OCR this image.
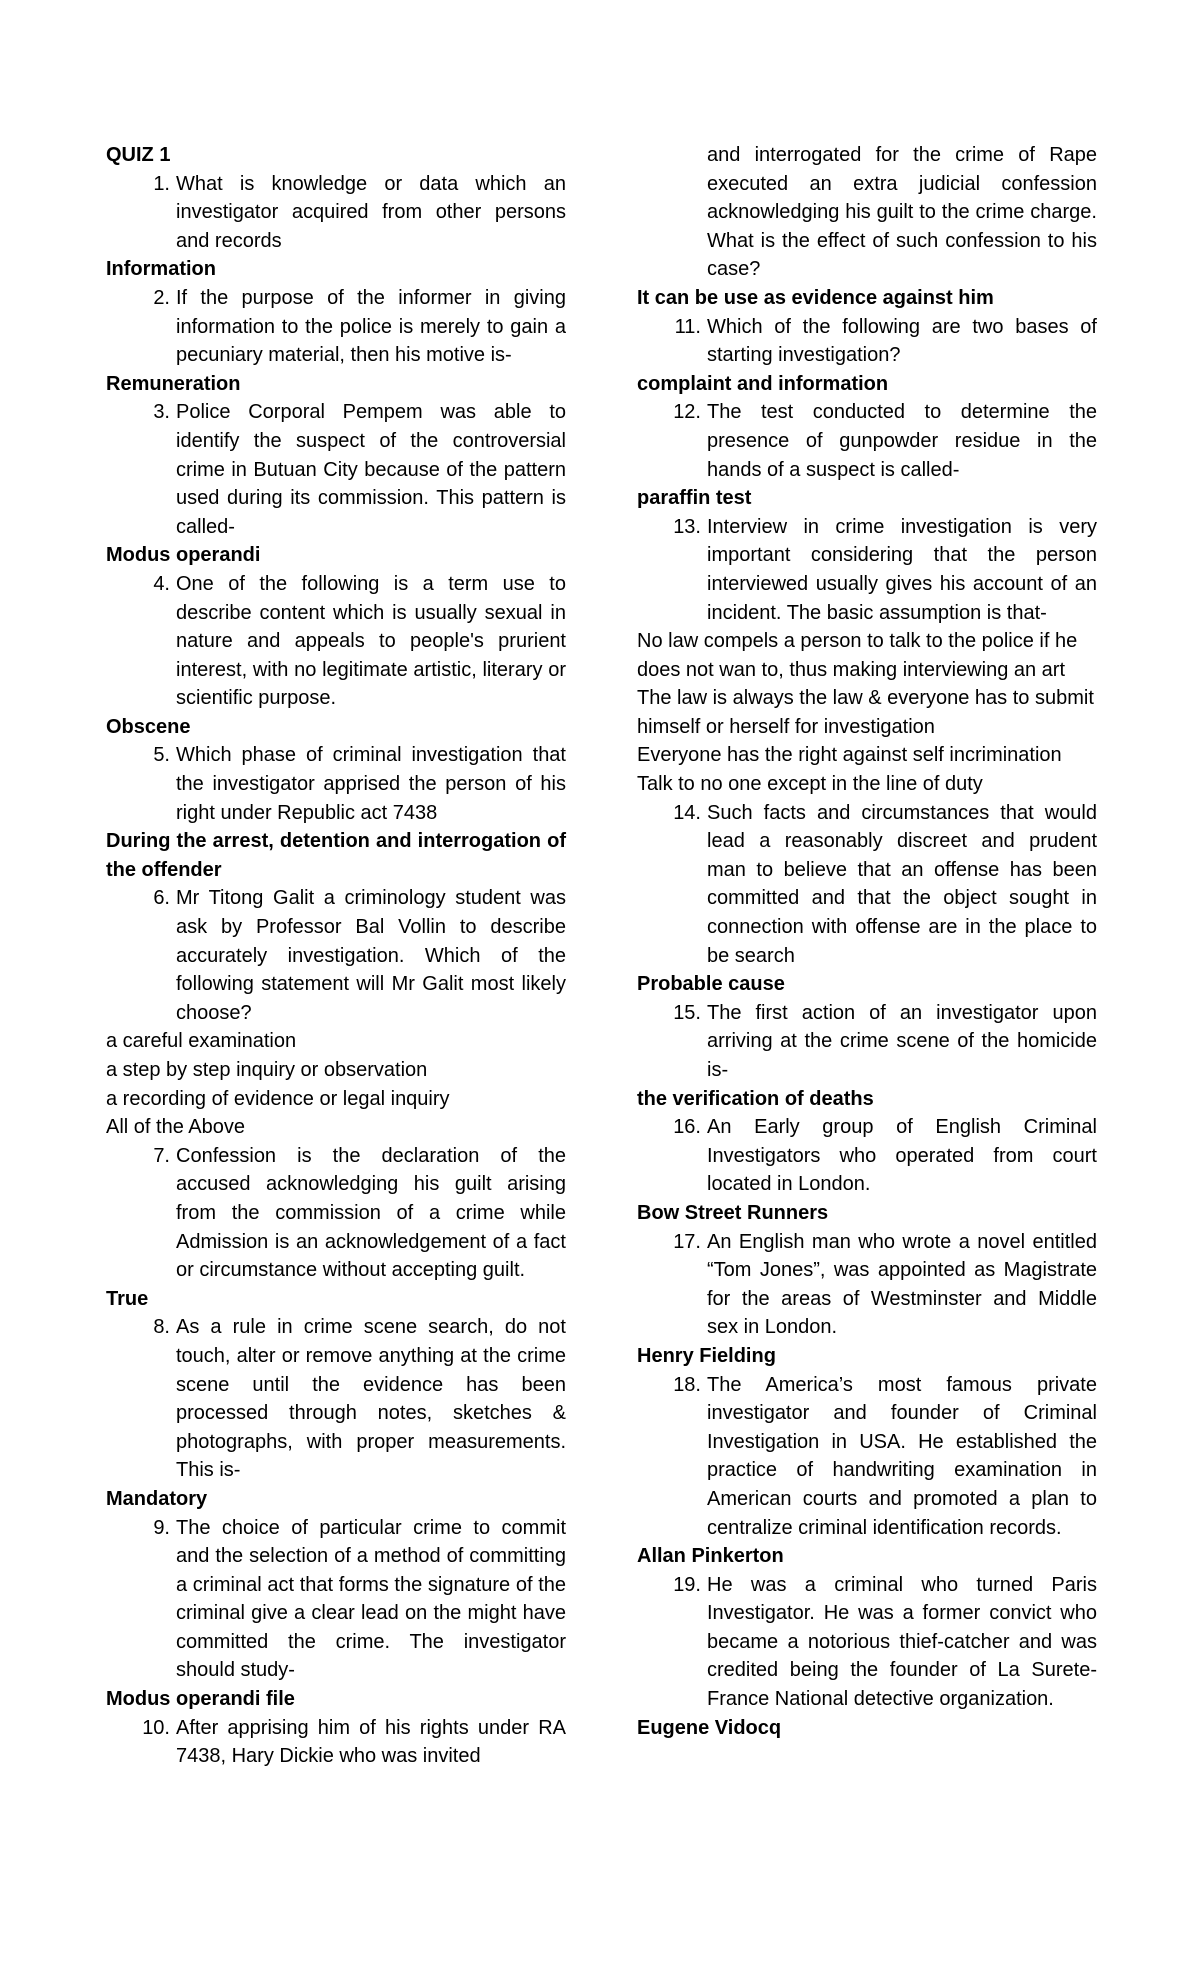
QUIZ 1
1. What is knowledge or data which an investigator acquired from other persons and records
Information
2. If the purpose of the informer in giving information to the police is merely to gain a pecuniary material, then his motive is-
Remuneration
3. Police Corporal Pempem was able to identify the suspect of the controversial crime in Butuan City because of the pattern used during its commission. This pattern is called-
Modus operandi
4. One of the following is a term use to describe content which is usually sexual in nature and appeals to people's prurient interest, with no legitimate artistic, literary or scientific purpose.
Obscene
5. Which phase of criminal investigation that the investigator apprised the person of his right under Republic act 7438
During the arrest, detention and interrogation of the offender
6. Mr Titong Galit a criminology student was ask by Professor Bal Vollin to describe accurately investigation. Which of the following statement will Mr Galit most likely choose?
a careful examination
a step by step inquiry or observation
a recording of evidence or legal inquiry
All of the Above
7. Confession is the declaration of the accused acknowledging his guilt arising from the commission of a crime while Admission is an acknowledgement of a fact or circumstance without accepting guilt.
True
8. As a rule in crime scene search, do not touch, alter or remove anything at the crime scene until the evidence has been processed through notes, sketches & photographs, with proper measurements. This is-
Mandatory
9. The choice of particular crime to commit and the selection of a method of committing a criminal act that forms the signature of the criminal give a clear lead on the might have committed the crime. The investigator should study-
Modus operandi file
10. After apprising him of his rights under RA 7438, Hary Dickie who was invited
and interrogated for the crime of Rape executed an extra judicial confession acknowledging his guilt to the crime charge. What is the effect of such confession to his case?
It can be use as evidence against him
11. Which of the following are two bases of starting investigation?
complaint and information
12. The test conducted to determine the presence of gunpowder residue in the hands of a suspect is called-
paraffin test
13. Interview in crime investigation is very important considering that the person interviewed usually gives his account of an incident. The basic assumption is that-
No law compels a person to talk to the police if he does not wan to, thus making interviewing an art
The law is always the law & everyone has to submit himself or herself for investigation
Everyone has the right against self incrimination
Talk to no one except in the line of duty
14. Such facts and circumstances that would lead a reasonably discreet and prudent man to believe that an offense has been committed and that the object sought in connection with offense are in the place to be search
Probable cause
15. The first action of an investigator upon arriving at the crime scene of the homicide is-
the verification of deaths
16. An Early group of English Criminal Investigators who operated from court located in London.
Bow Street Runners
17. An English man who wrote a novel entitled “Tom Jones”, was appointed as Magistrate for the areas of Westminster and Middle sex in London.
Henry Fielding
18. The America’s most famous private investigator and founder of Criminal Investigation in USA. He established the practice of handwriting examination in American courts and promoted a plan to centralize criminal identification records.
Allan Pinkerton
19. He was a criminal who turned Paris Investigator. He was a former convict who became a notorious thief-catcher and was credited being the founder of La Surete- France National detective organization.
Eugene Vidocq
